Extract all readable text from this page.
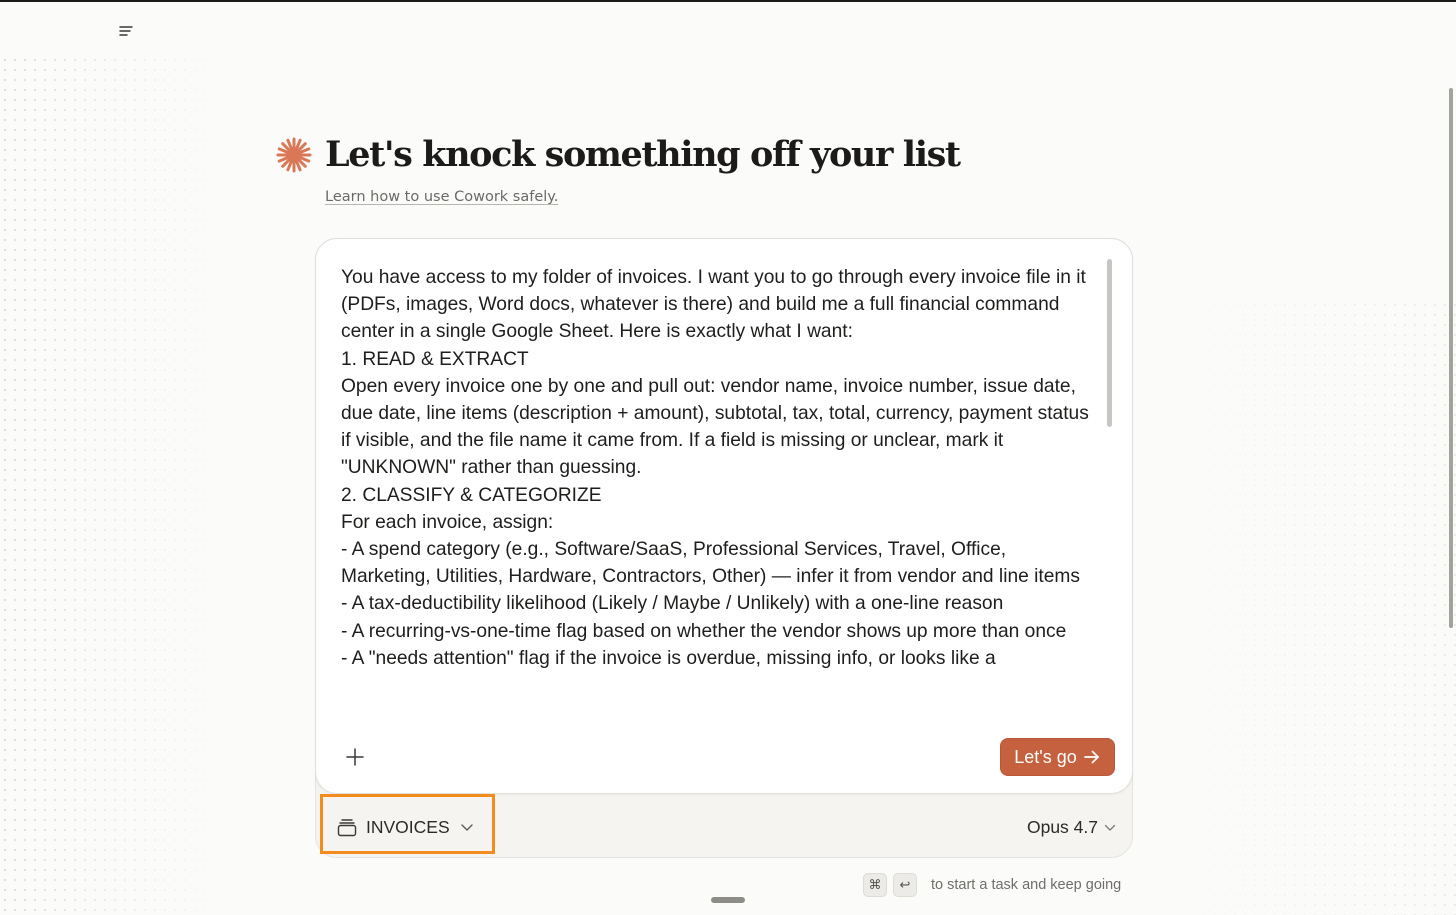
Let's knock something off your list
Learn how to use Cowork safely.
You have access to my folder of invoices. I want you to go through every invoice file in it (PDFs, images, Word docs, whatever is there) and build me a full financial command center in a single Google Sheet. Here is exactly what I want:
1. READ & EXTRACT
Open every invoice one by one and pull out: vendor name, invoice number, issue date, due date, line items (description + amount), subtotal, tax, total, currency, payment status if visible, and the file name it came from. If a field is missing or unclear, mark it "UNKNOWN" rather than guessing.
2. CLASSIFY & CATEGORIZE
For each invoice, assign:
- A spend category (e.g., Software/SaaS, Professional Services, Travel, Office, Marketing, Utilities, Hardware, Contractors, Other) — infer it from vendor and line items
- A tax-deductibility likelihood (Likely / Maybe / Unlikely) with a one-line reason
- A recurring-vs-one-time flag based on whether the vendor shows up more than once
- A "needs attention" flag if the invoice is overdue, missing info, or looks like a
Let's go
INVOICES	Opus 4.7
⌘	↩	to start a task and keep going
